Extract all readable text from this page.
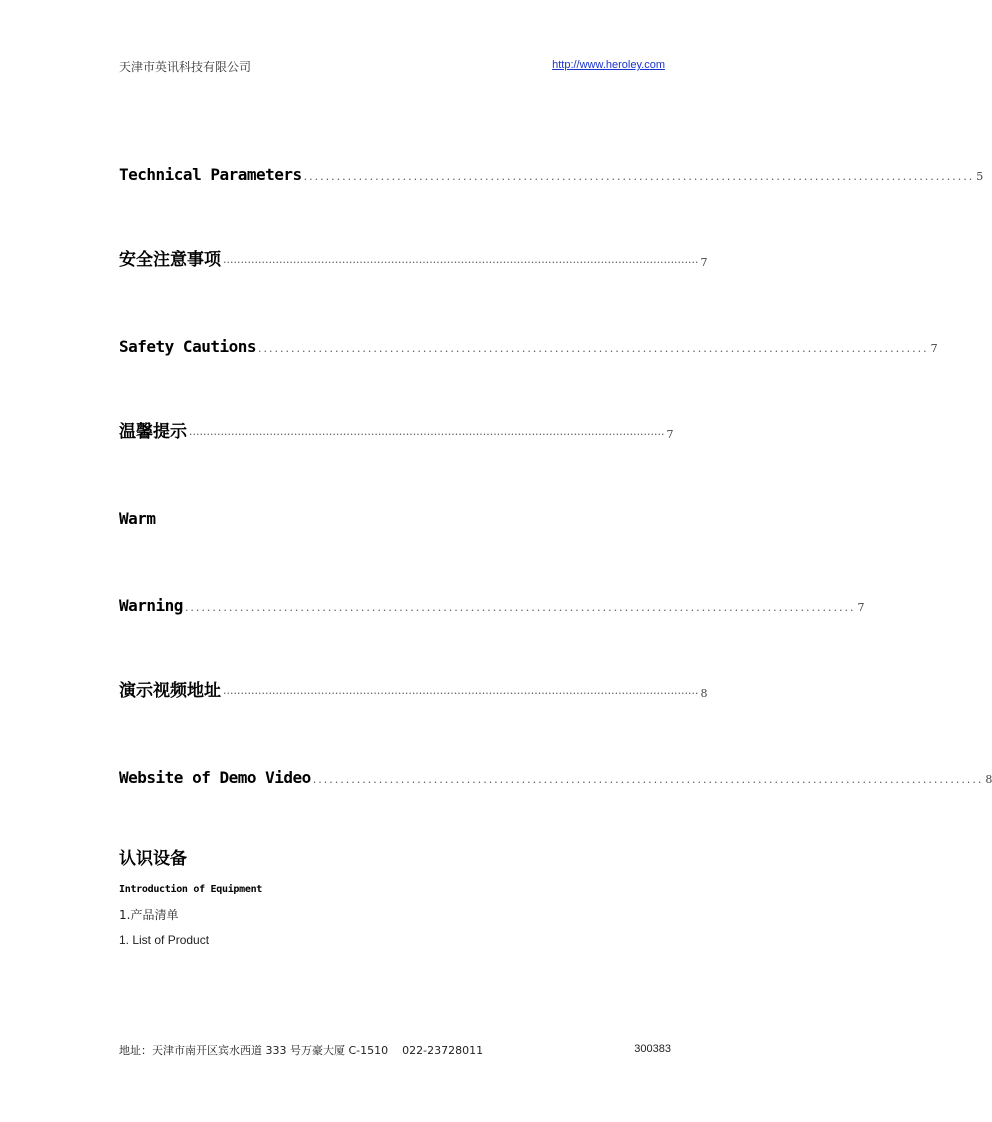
天津市英讯科技有限公司	http://www.heroley.com
Technical Parameters .......................................................................................................................... 5
安全注意事项 ········································································································································ 7
Safety Cautions .......................................................................................................................... 7
温馨提示 ········································································································································ 7
Warm
Warning .......................................................................................................................... 7
演示视频地址 ········································································································································ 8
Website of Demo Video .......................................................................................................................... 8
认识设备
Introduction of Equipment
1.产品清单
1. List of Product
地址：天津市南开区宾水西道 333 号万豪大厦 C-1510    022-23728011	300383
